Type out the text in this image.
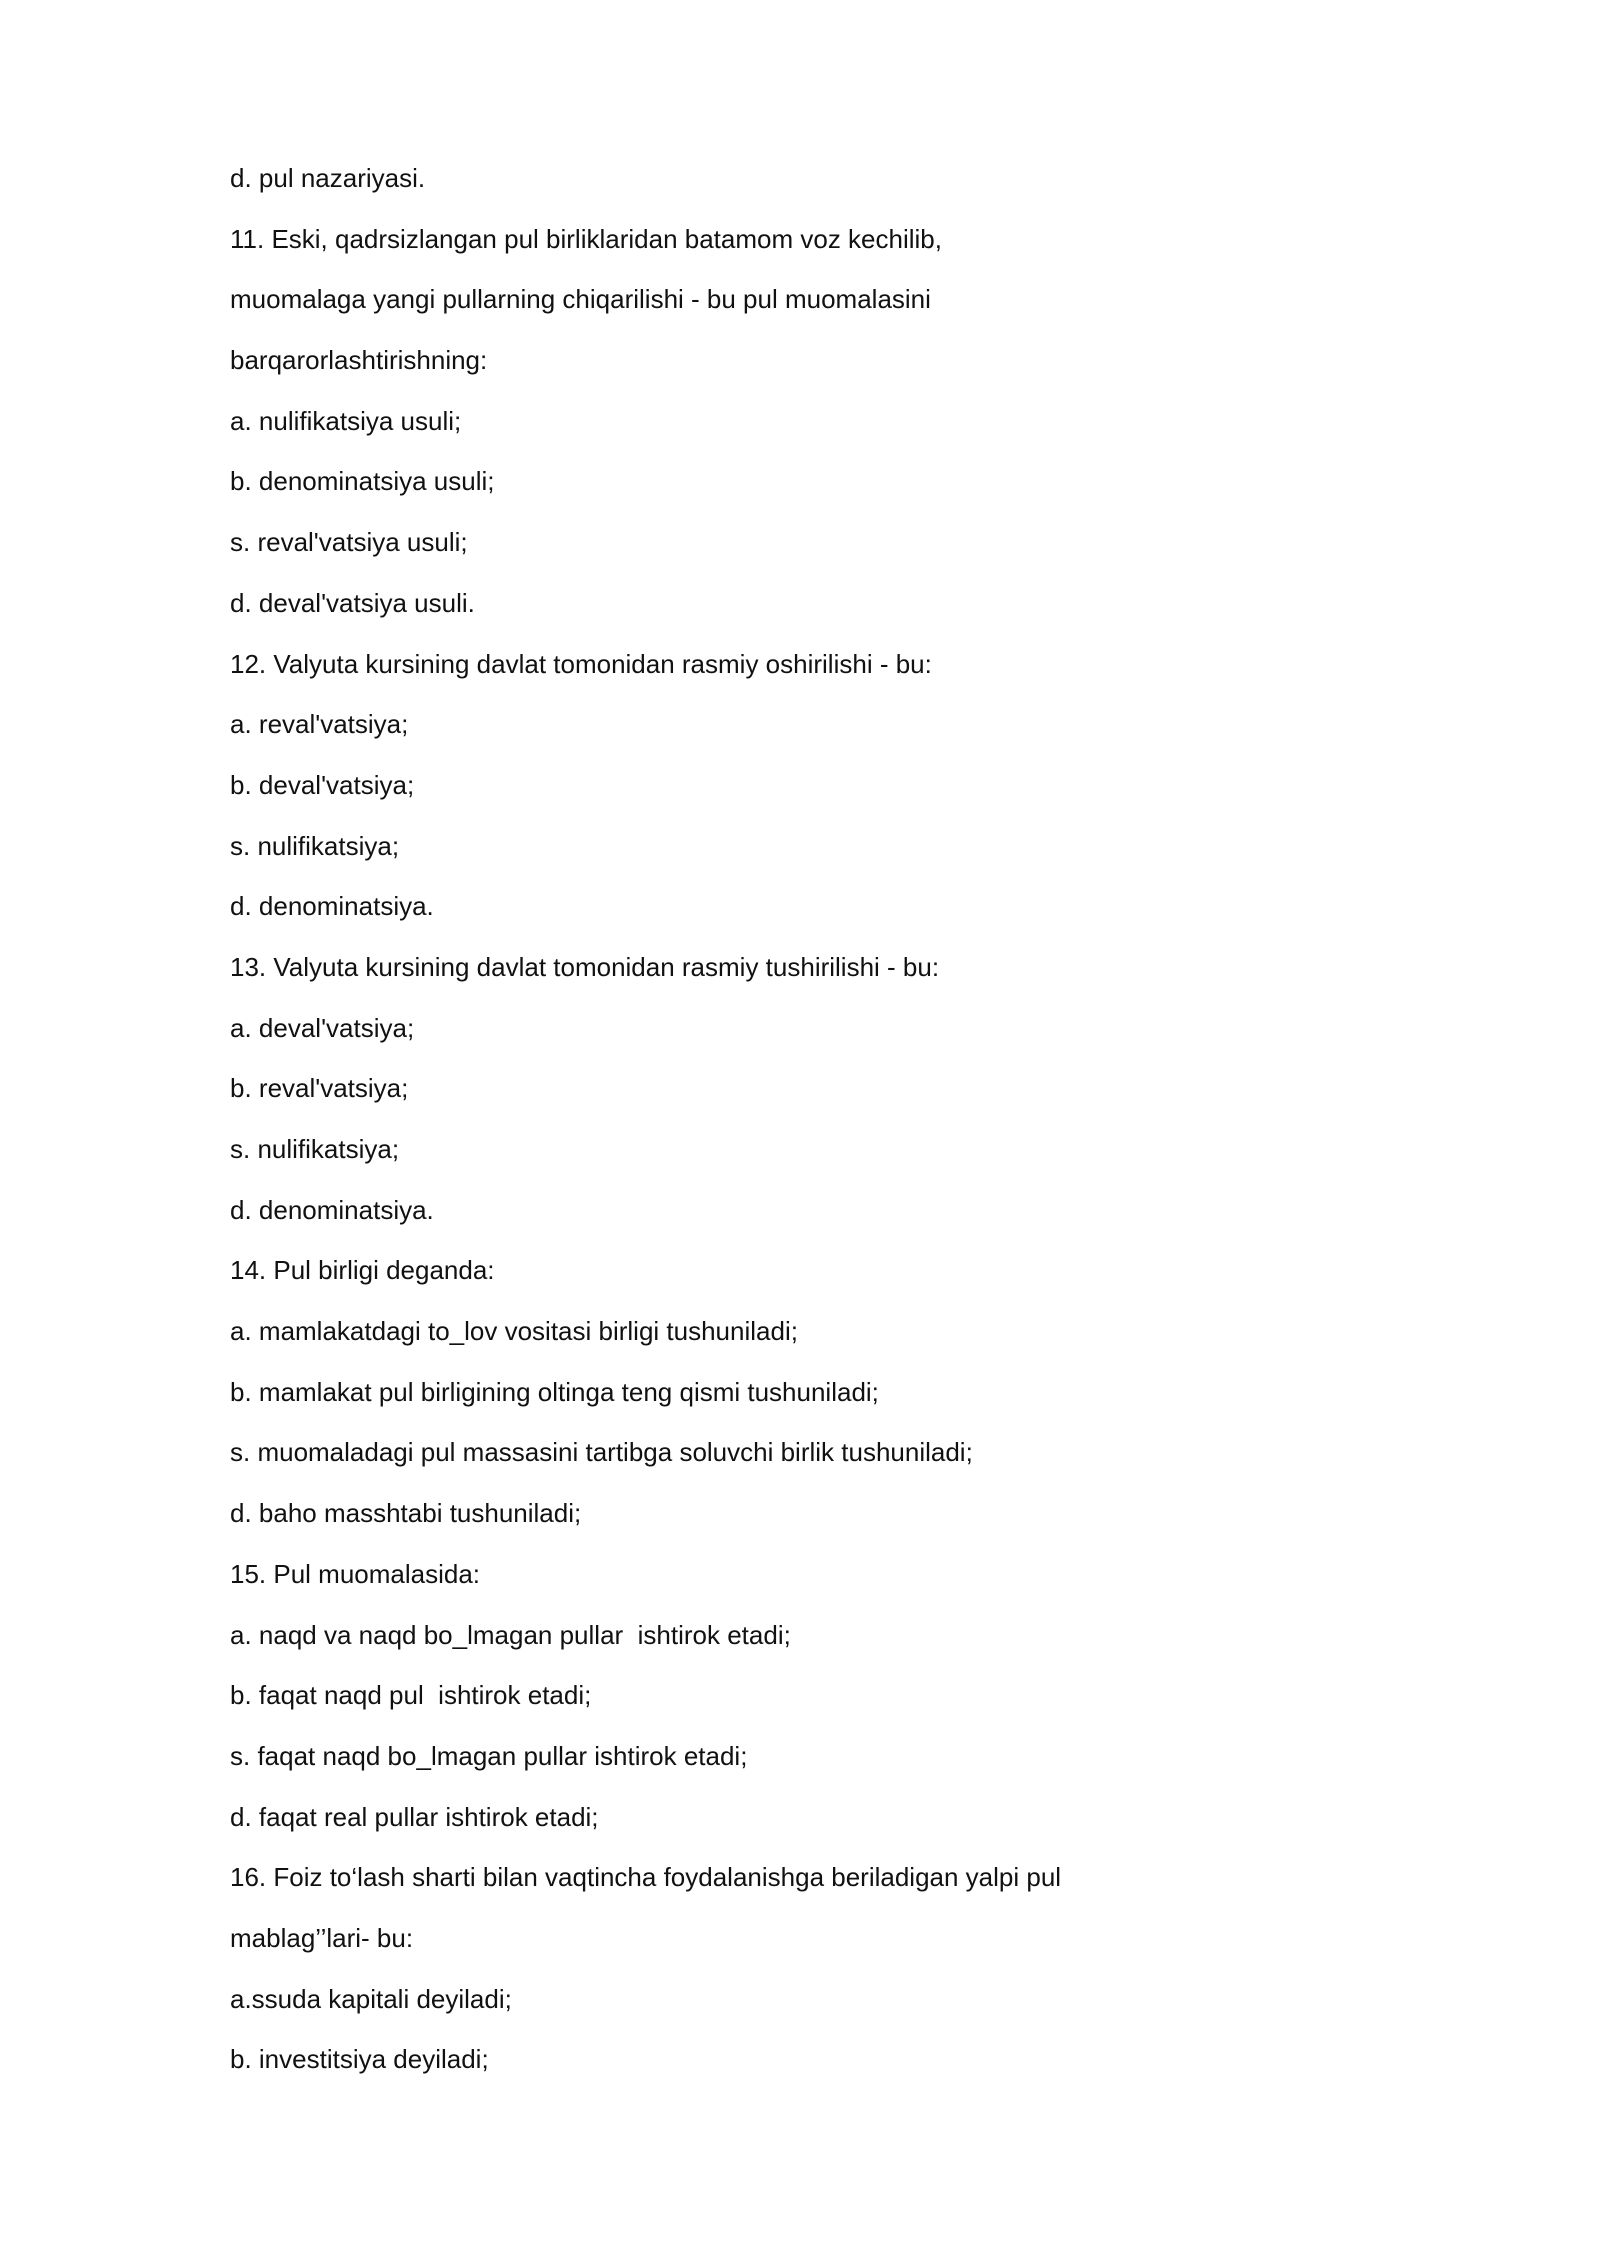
d. pul nazariyasi.
11. Eski, qadrsizlangan pul birliklaridan batamom voz kechilib,
muomalaga yangi pullarning chiqarilishi - bu pul muomalasini
barqarorlashtirishning:
a. nulifikatsiya usuli;
b. denominatsiya usuli;
s. reval'vatsiya usuli;
d. deval'vatsiya usuli.
12. Valyuta kursining davlat tomonidan rasmiy oshirilishi - bu:
a. reval'vatsiya;
b. deval'vatsiya;
s. nulifikatsiya;
d. denominatsiya.
13. Valyuta kursining davlat tomonidan rasmiy tushirilishi - bu:
a. deval'vatsiya;
b. reval'vatsiya;
s. nulifikatsiya;
d. denominatsiya.
14. Pul birligi deganda:
a. mamlakatdagi to_lov vositasi birligi tushuniladi;
b. mamlakat pul birligining oltinga teng qismi tushuniladi;
s. muomaladagi pul massasini tartibga soluvchi birlik tushuniladi;
d. baho masshtabi tushuniladi;
15. Pul muomalasida:
a. naqd va naqd bo_lmagan pullar  ishtirok etadi;
b. faqat naqd pul  ishtirok etadi;
s. faqat naqd bo_lmagan pullar ishtirok etadi;
d. faqat real pullar ishtirok etadi;
16. Foiz to‘lash sharti bilan vaqtincha foydalanishga beriladigan yalpi pul
mablag’’lari- bu:
a.ssuda kapitali deyiladi;
b. investitsiya deyiladi;
